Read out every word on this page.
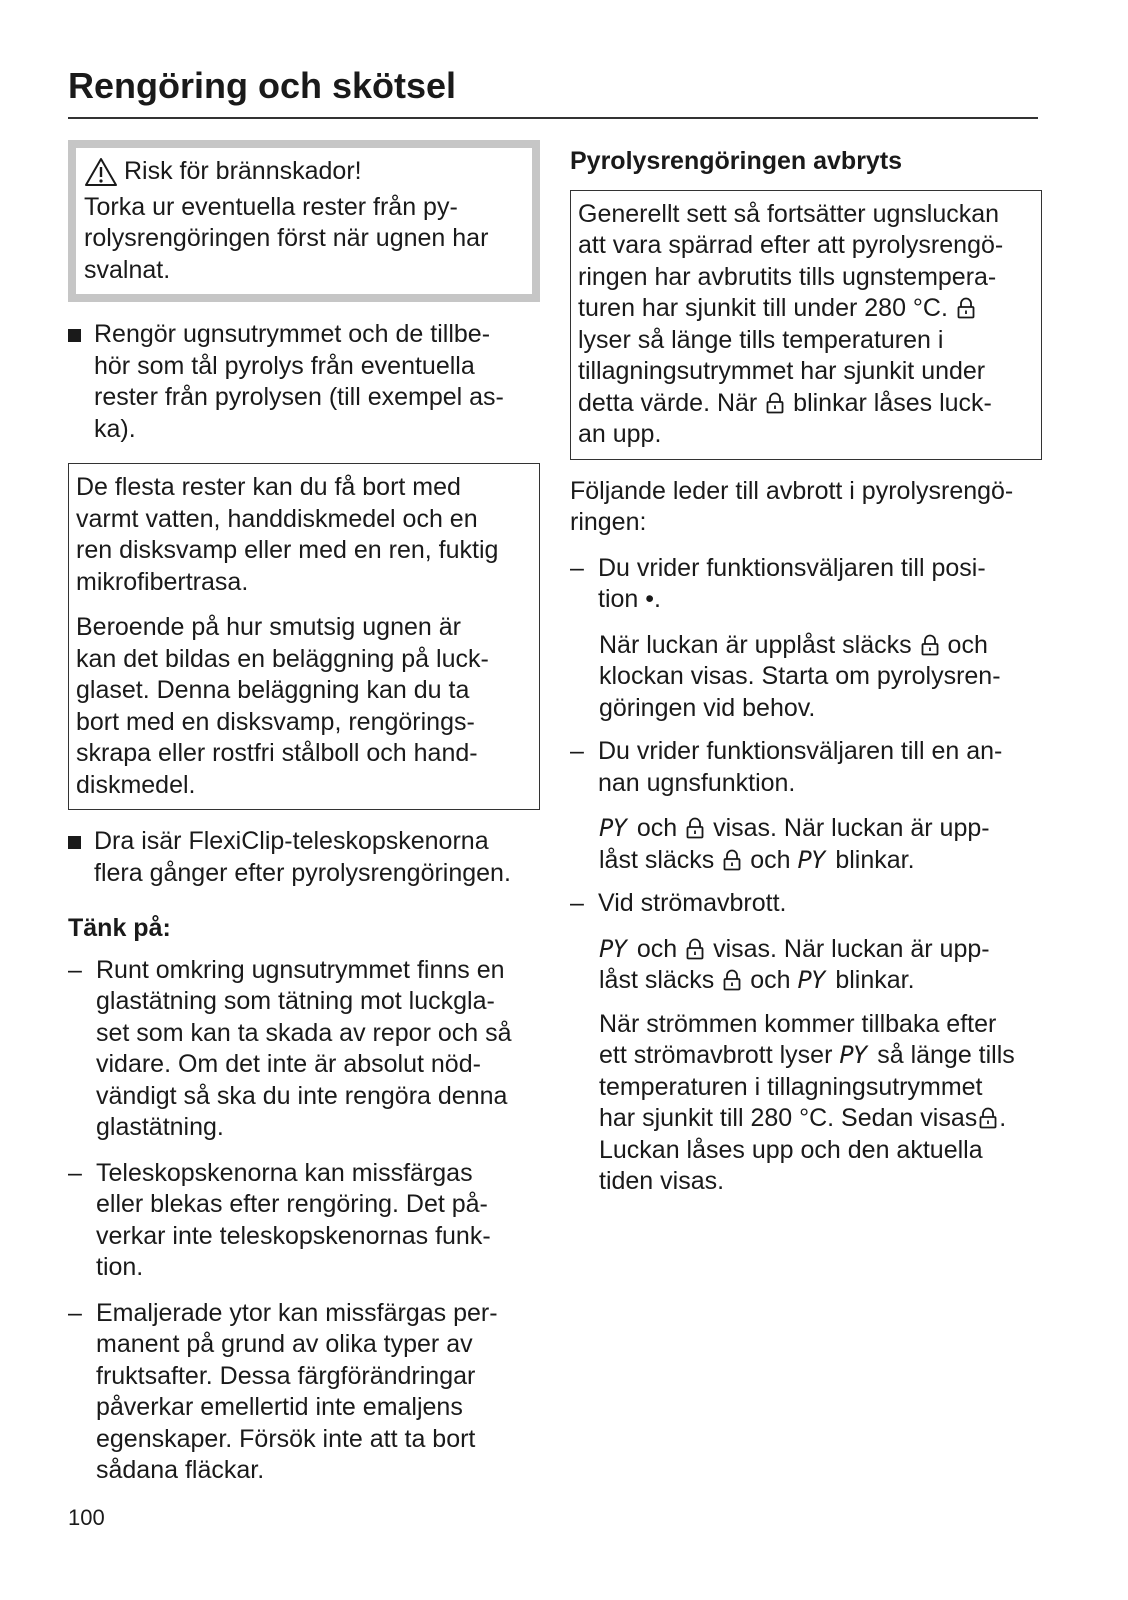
Rengöring och skötsel
Risk för brännskador!
Torka ur eventuella rester från py-
rolysrengöringen först när ugnen har
svalnat.
Rengör ugnsutrymmet och de tillbe-
hör som tål pyrolys från eventuella
rester från pyrolysen (till exempel as-
ka).

De flesta rester kan du få bort med
varmt vatten, handdiskmedel och en
ren disksvamp eller med en ren, fuktig
mikrofibertrasa.

Beroende på hur smutsig ugnen är
kan det bildas en beläggning på luck-
glaset. Denna beläggning kan du ta
bort med en disksvamp, rengörings-
skrapa eller rostfri stålboll och hand-
diskmedel.

Dra isär FlexiClip-teleskopskenorna
flera gånger efter pyrolysrengöringen.
Tänk på:
– Runt omkring ugnsutrymmet finns en
glastätning som tätning mot luckgla-
set som kan ta skada av repor och så
vidare. Om det inte är absolut nöd-
vändigt så ska du inte rengöra denna
glastätning.
– Teleskopskenorna kan missfärgas
eller blekas efter rengöring. Det på-
verkar inte teleskopskenornas funk-
tion.
– Emaljerade ytor kan missfärgas per-
manent på grund av olika typer av
fruktsafter. Dessa färgförändringar
påverkar emellertid inte emaljens
egenskaper. Försök inte att ta bort
sådana fläckar.
Pyrolysrengöringen avbryts
Generellt sett så fortsätter ugnsluckan
att vara spärrad efter att pyrolysrengö-
ringen har avbrutits tills ugnstempera-
turen har sjunkit till under 280 °C.
lyser så länge tills temperaturen i
tillagningsutrymmet har sjunkit under
detta värde. När blinkar låses luck-
an upp.
Följande leder till avbrott i pyrolysrengö-
ringen:
– Du vrider funktionsväljaren till posi-
tion •.
När luckan är upplåst släcks och
klockan visas. Starta om pyrolysren-
göringen vid behov.
– Du vrider funktionsväljaren till en an-
nan ugnsfunktion.
PY och visas. När luckan är upp-
låst släcks och PY blinkar.
– Vid strömavbrott.
PY och visas. När luckan är upp-
låst släcks och PY blinkar.
När strömmen kommer tillbaka efter
ett strömavbrott lyser PY så länge tills
temperaturen i tillagningsutrymmet
har sjunkit till 280 °C. Sedan visas .
Luckan låses upp och den aktuella
tiden visas.
100
